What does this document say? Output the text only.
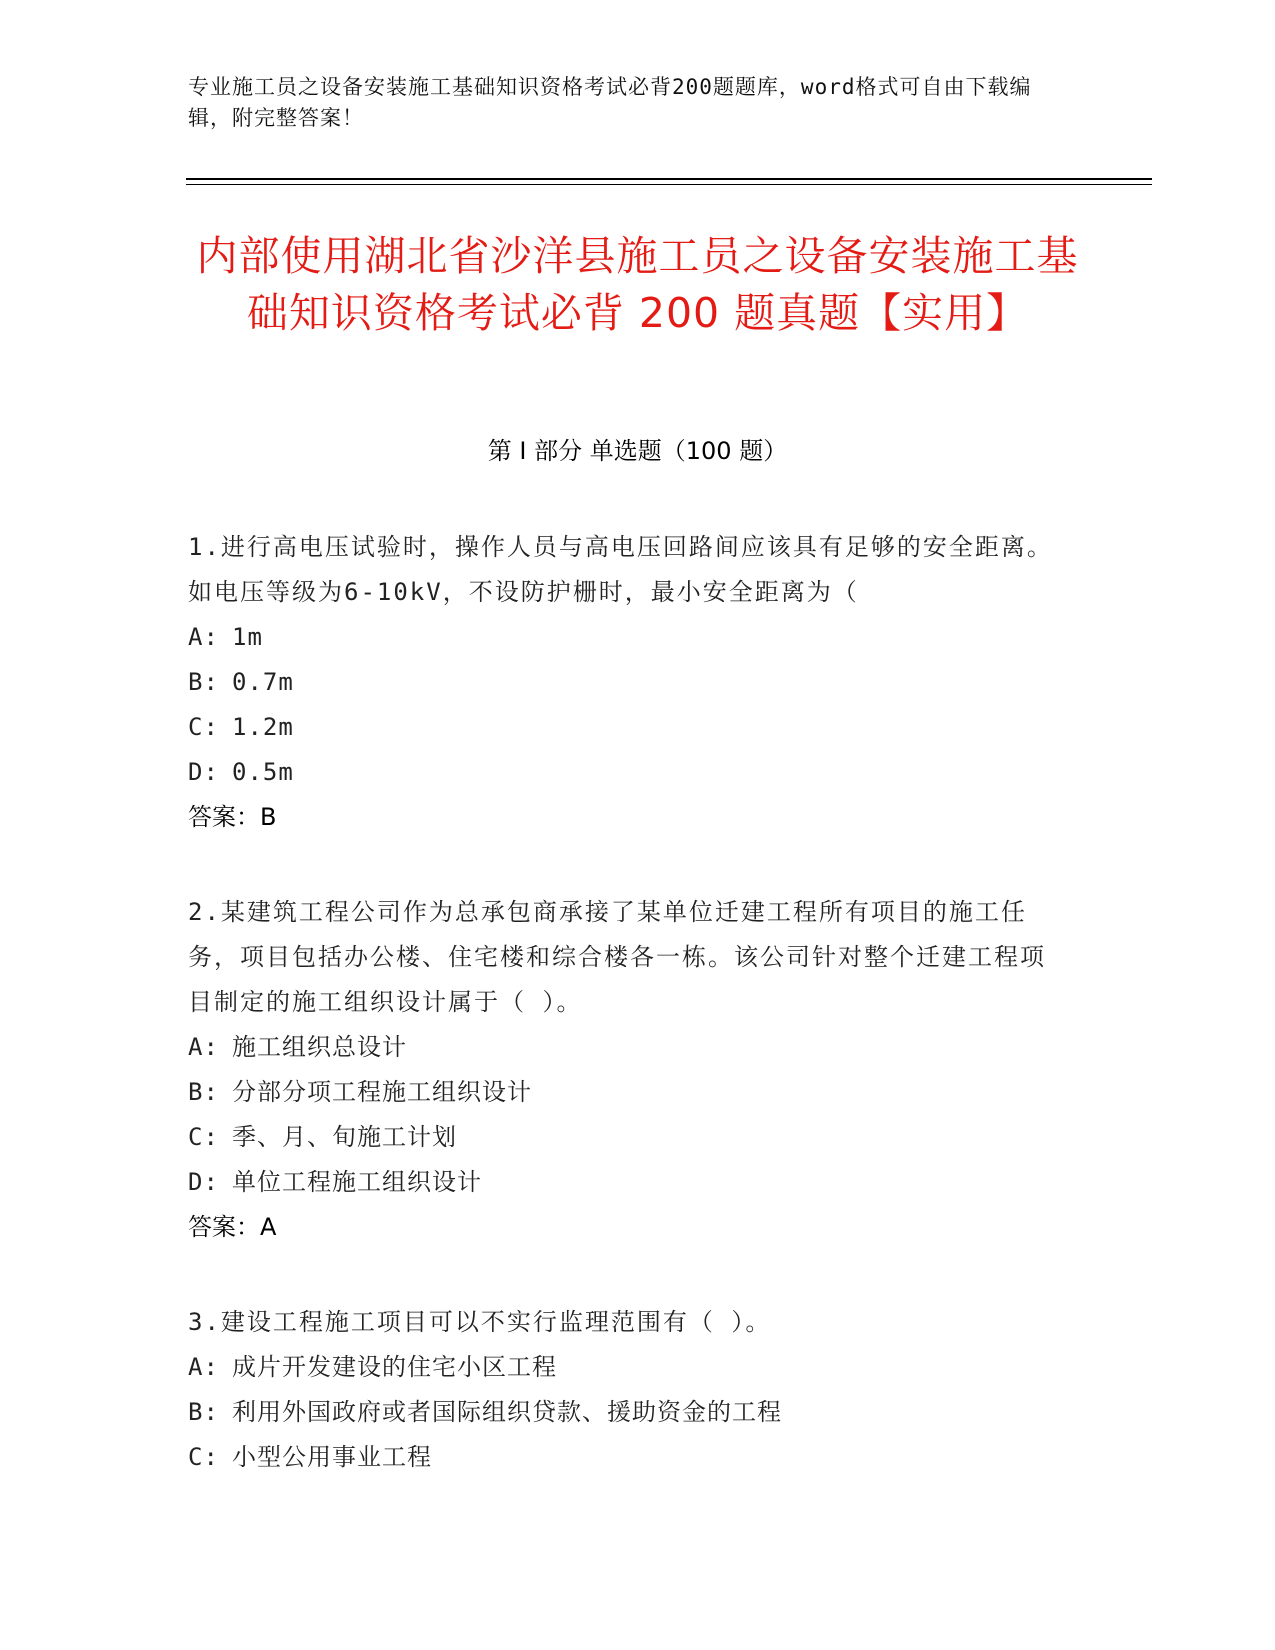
专业施工员之设备安装施工基础知识资格考试必背200题题库，word格式可自由下载编辑，附完整答案！
内部使用湖北省沙洋县施工员之设备安装施工基础知识资格考试必背 200 题真题【实用】
第 I 部分 单选题（100 题）
1.进行高电压试验时，操作人员与高电压回路间应该具有足够的安全距离。如电压等级为6-10kV，不设防护栅时，最小安全距离为（
A: 1m
B: 0.7m
C: 1.2m
D: 0.5m
答案：B
2.某建筑工程公司作为总承包商承接了某单位迁建工程所有项目的施工任务，项目包括办公楼、住宅楼和综合楼各一栋。该公司针对整个迁建工程项目制定的施工组织设计属于（ ）。
A: 施工组织总设计
B: 分部分项工程施工组织设计
C: 季、月、旬施工计划
D: 单位工程施工组织设计
答案：A
3.建设工程施工项目可以不实行监理范围有（ ）。
A: 成片开发建设的住宅小区工程
B: 利用外国政府或者国际组织贷款、援助资金的工程
C: 小型公用事业工程
